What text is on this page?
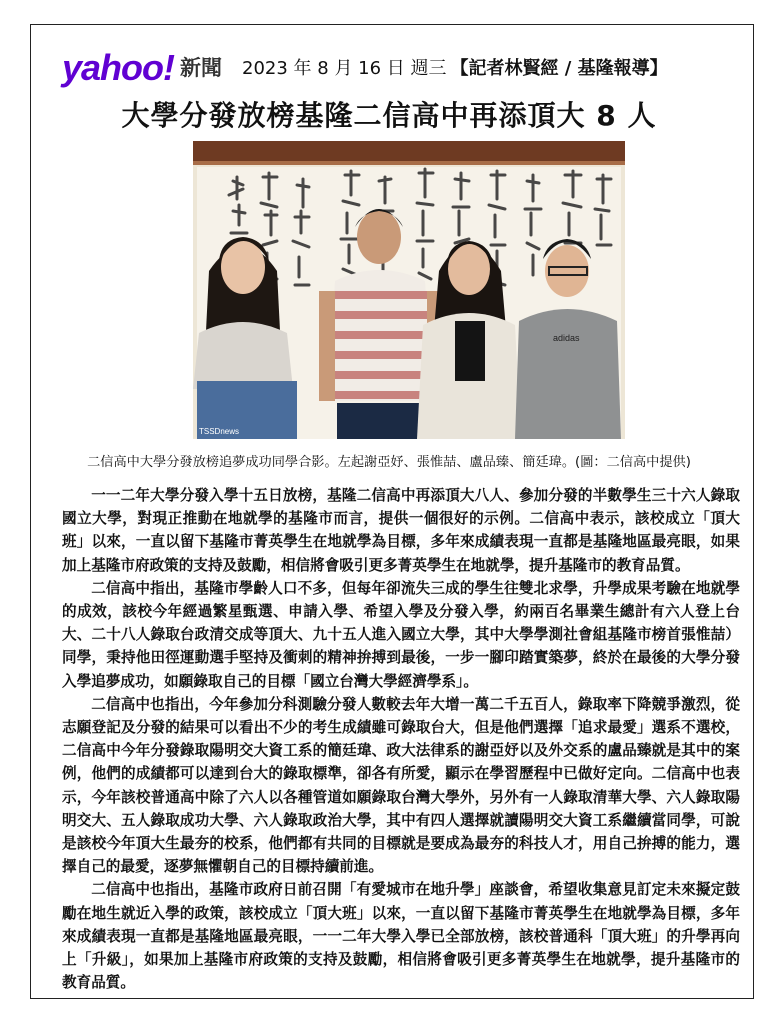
yahoo! 新聞 2023 年 8 月 16 日 週三 【記者林賢經 / 基隆報導】
大學分發放榜基隆二信高中再添頂大 8 人
adidas
TSSDnews
二信高中大學分發放榜追夢成功同學合影。左起謝亞妤、張惟喆、盧品臻、簡廷瑋。(圖：二信高中提供)

一一二年大學分發入學十五日放榜，基隆二信高中再添頂大八人、參加分發的半數學生三十六人錄取國立大學，對現正推動在地就學的基隆市而言，提供一個很好的示例。二信高中表示，該校成立「頂大班」以來，一直以留下基隆市菁英學生在地就學為目標，多年來成績表現一直都是基隆地區最亮眼，如果加上基隆市府政策的支持及鼓勵，相信將會吸引更多菁英學生在地就學，提升基隆市的教育品質。

二信高中指出，基隆市學齡人口不多，但每年卻流失三成的學生往雙北求學，升學成果考驗在地就學的成效，該校今年經過繁星甄選、申請入學、希望入學及分發入學，約兩百名畢業生總計有六人登上台大、二十八人錄取台政清交成等頂大、九十五人進入國立大學，其中大學學測社會組基隆市榜首張惟喆）同學，秉持他田徑運動選手堅持及衝刺的精神拚搏到最後，一步一腳印踏實築夢，終於在最後的大學分發入學追夢成功，如願錄取自己的目標「國立台灣大學經濟學系」。

二信高中也指出，今年參加分科測驗分發人數較去年大增一萬二千五百人，錄取率下降競爭激烈，從志願登記及分發的結果可以看出不少的考生成績雖可錄取台大，但是他們選擇「追求最愛」選系不選校，二信高中今年分發錄取陽明交大資工系的簡廷瑋、政大法律系的謝亞妤以及外交系的盧品臻就是其中的案例，他們的成績都可以達到台大的錄取標準，卻各有所愛，顯示在學習歷程中已做好定向。二信高中也表示，今年該校普通高中除了六人以各種管道如願錄取台灣大學外，另外有一人錄取清華大學、六人錄取陽明交大、五人錄取成功大學、六人錄取政治大學，其中有四人選擇就讀陽明交大資工系繼續當同學，可說是該校今年頂大生最夯的校系，他們都有共同的目標就是要成為最夯的科技人才，用自己拚搏的能力，選擇自己的最愛，逐夢無懼朝自己的目標持續前進。

二信高中也指出，基隆市政府日前召開「有愛城市在地升學」座談會，希望收集意見訂定未來擬定鼓勵在地生就近入學的政策，該校成立「頂大班」以來，一直以留下基隆市菁英學生在地就學為目標，多年來成績表現一直都是基隆地區最亮眼，一一二年大學入學已全部放榜，該校普通科「頂大班」的升學再向上「升級」，如果加上基隆市府政策的支持及鼓勵，相信將會吸引更多菁英學生在地就學，提升基隆市的教育品質。
